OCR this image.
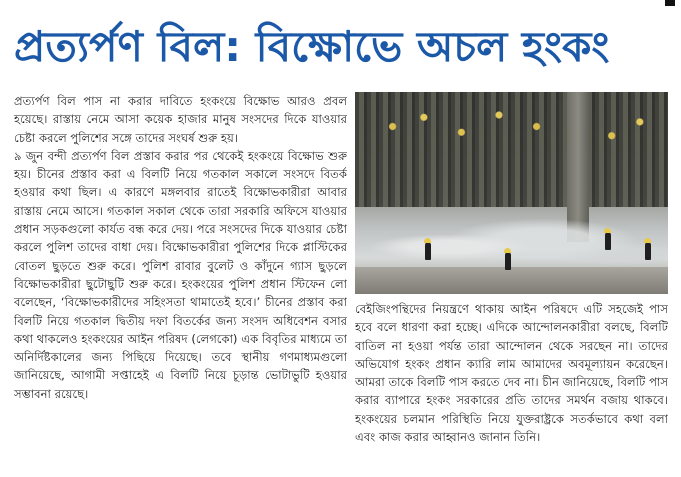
প্রত্যর্পণ বিল: বিক্ষোভে অচল হংকং

প্রত্যর্পণ বিল পাস না করার দাবিতে হংকংয়ে বিক্ষোভ আরও প্রবল হয়েছে। রাস্তায় নেমে আসা কয়েক হাজার মানুষ সংসদের দিকে যাওয়ার চেষ্টা করলে পুলিশের সঙ্গে তাদের সংঘর্ষ শুরু হয়।

৯ জুন বন্দী প্রত্যর্পণ বিল প্রস্তাব করার পর থেকেই হংকংয়ে বিক্ষোভ শুরু হয়। চীনের প্রস্তাব করা এ বিলটি নিয়ে গতকাল সকালে সংসদে বিতর্ক হওয়ার কথা ছিল। এ কারণে মঙ্গলবার রাতেই বিক্ষোভকারীরা আবার রাস্তায় নেমে আসে। গতকাল সকাল থেকে তারা সরকারি অফিসে যাওয়ার প্রধান সড়কগুলো কার্যত বন্ধ করে দেয়। পরে সংসদের দিকে যাওয়ার চেষ্টা করলে পুলিশ তাদের বাধা দেয়। বিক্ষোভকারীরা পুলিশের দিকে প্লাস্টিকের বোতল ছুড়তে শুরু করে। পুলিশ রাবার বুলেট ও কাঁদুনে গ্যাস ছুড়লে বিক্ষোভকারীরা ছুটোছুটি শুরু করে। হংকংয়ের পুলিশ প্রধান স্টিফেন লো বলেছেন, ‘বিক্ষোভকারীদের সহিংসতা থামাতেই হবে।’ চীনের প্রস্তাব করা বিলটি নিয়ে গতকাল দ্বিতীয় দফা বিতর্কের জন্য সংসদ অধিবেশন বসার কথা থাকলেও হংকংয়ের আইন পরিষদ (লেগকো) এক বিবৃতির মাধ্যমে তা অনির্দিষ্টকালের জন্য পিছিয়ে দিয়েছে। তবে স্থানীয় গণমাধ্যমগুলো জানিয়েছে, আগামী সপ্তাহেই এ বিলটি নিয়ে চূড়ান্ত ভোটাভুটি হওয়ার সম্ভাবনা রয়েছে।

বেইজিংপন্থিদের নিয়ন্ত্রণে থাকায় আইন পরিষদে এটি সহজেই পাস হবে বলে ধারণা করা হচ্ছে। এদিকে আন্দোলনকারীরা বলছে, বিলটি বাতিল না হওয়া পর্যন্ত তারা আন্দোলন থেকে সরছেন না। তাদের অভিযোগ হংকং প্রধান ক্যারি লাম আমাদের অবমূল্যায়ন করেছেন। আমরা তাকে বিলটি পাস করতে দেব না। চীন জানিয়েছে, বিলটি পাস করার ব্যাপারে হংকং সরকারের প্রতি তাদের সমর্থন বজায় থাকবে। হংকংয়ের চলমান পরিস্থিতি নিয়ে যুক্তরাষ্ট্রকে সতর্কভাবে কথা বলা এবং কাজ করার আহ্বানও জানান তিনি।
